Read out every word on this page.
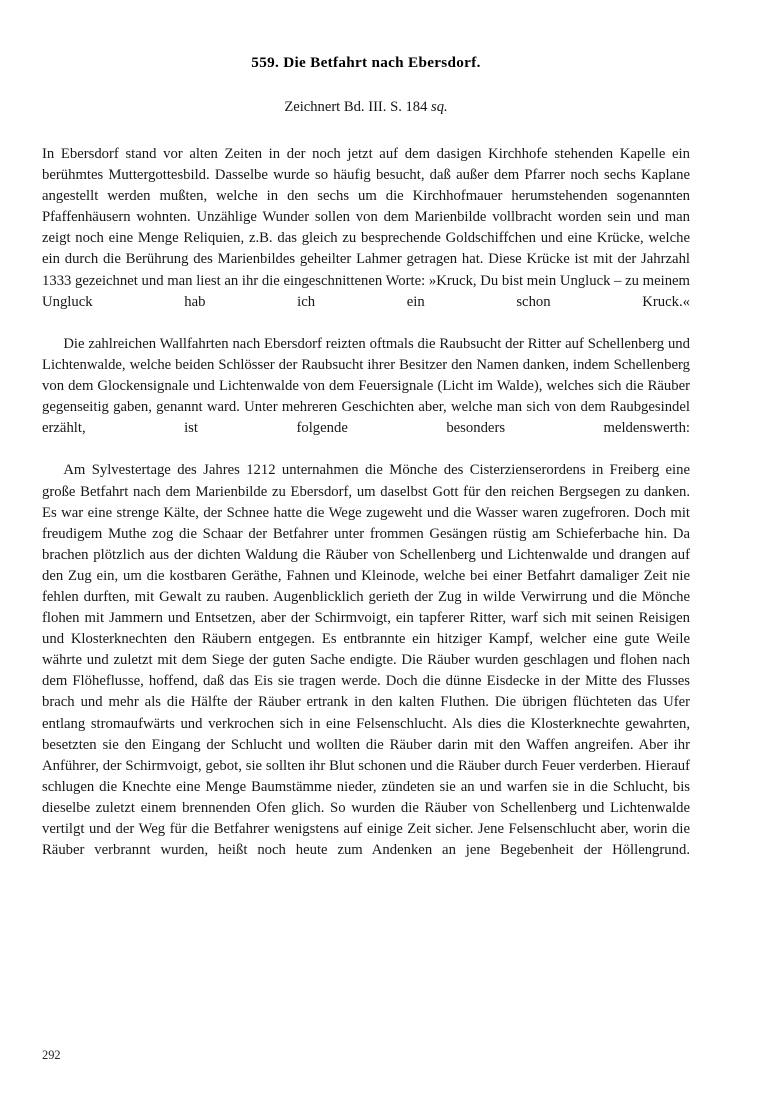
559. Die Betfahrt nach Ebersdorf.

Zeichnert Bd. III. S. 184 sq.

In Ebersdorf stand vor alten Zeiten in der noch jetzt auf dem dasigen Kirchhofe stehenden Kapelle ein berühmtes Muttergottesbild. Dasselbe wurde so häufig besucht, daß außer dem Pfarrer noch sechs Kaplane angestellt werden mußten, welche in den sechs um die Kirchhofmauer herumstehenden sogenannten Pfaffenhäusern wohnten. Unzählige Wunder sollen von dem Marienbilde vollbracht worden sein und man zeigt noch eine Menge Reliquien, z.B. das gleich zu besprechende Goldschiffchen und eine Krücke, welche ein durch die Berührung des Marienbildes geheilter Lahmer getragen hat. Diese Krücke ist mit der Jahrzahl 1333 gezeichnet und man liest an ihr die eingeschnittenen Worte: »Kruck, Du bist mein Ungluck – zu meinem Ungluck hab ich ein schon Kruck.«

Die zahlreichen Wallfahrten nach Ebersdorf reizten oftmals die Raubsucht der Ritter auf Schellenberg und Lichtenwalde, welche beiden Schlösser der Raubsucht ihrer Besitzer den Namen danken, indem Schellenberg von dem Glockensignale und Lichtenwalde von dem Feuersignale (Licht im Walde), welches sich die Räuber gegenseitig gaben, genannt ward. Unter mehreren Geschichten aber, welche man sich von dem Raubgesindel erzählt, ist folgende besonders meldenswerth:

Am Sylvestertage des Jahres 1212 unternahmen die Mönche des Cisterzienserordens in Freiberg eine große Betfahrt nach dem Marienbilde zu Ebersdorf, um daselbst Gott für den reichen Bergsegen zu danken. Es war eine strenge Kälte, der Schnee hatte die Wege zugeweht und die Wasser waren zugefroren. Doch mit freudigem Muthe zog die Schaar der Betfahrer unter frommen Gesängen rüstig am Schieferbache hin. Da brachen plötzlich aus der dichten Waldung die Räuber von Schellenberg und Lichtenwalde und drangen auf den Zug ein, um die kostbaren Geräthe, Fahnen und Kleinode, welche bei einer Betfahrt damaliger Zeit nie fehlen durften, mit Gewalt zu rauben. Augenblicklich gerieth der Zug in wilde Verwirrung und die Mönche flohen mit Jammern und Entsetzen, aber der Schirmvoigt, ein tapferer Ritter, warf sich mit seinen Reisigen und Klosterknechten den Räubern entgegen. Es entbrannte ein hitziger Kampf, welcher eine gute Weile währte und zuletzt mit dem Siege der guten Sache endigte. Die Räuber wurden geschlagen und flohen nach dem Flöheflusse, hoffend, daß das Eis sie tragen werde. Doch die dünne Eisdecke in der Mitte des Flusses brach und mehr als die Hälfte der Räuber ertrank in den kalten Fluthen. Die übrigen flüchteten das Ufer entlang stromaufwärts und verkrochen sich in eine Felsenschlucht. Als dies die Klosterknechte gewahrten, besetzten sie den Eingang der Schlucht und wollten die Räuber darin mit den Waffen angreifen. Aber ihr Anführer, der Schirmvoigt, gebot, sie sollten ihr Blut schonen und die Räuber durch Feuer verderben. Hierauf schlugen die Knechte eine Menge Baumstämme nieder, zündeten sie an und warfen sie in die Schlucht, bis dieselbe zuletzt einem brennenden Ofen glich. So wurden die Räuber von Schellenberg und Lichtenwalde vertilgt und der Weg für die Betfahrer wenigstens auf einige Zeit sicher. Jene Felsenschlucht aber, worin die Räuber verbrannt wurden, heißt noch heute zum Andenken an jene Begebenheit der Höllengrund.

292
